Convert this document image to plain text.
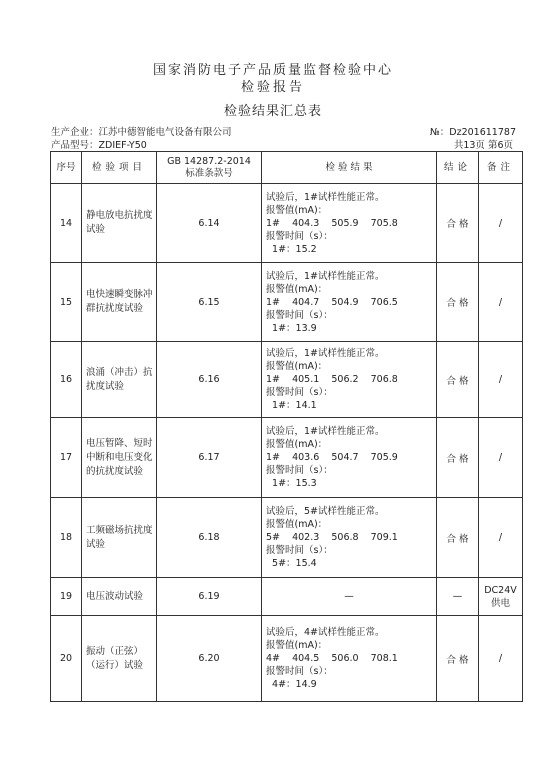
国家消防电子产品质量监督检验中心
检验报告
检验结果汇总表
生产企业：江苏中德智能电气设备有限公司
产品型号：ZDIEF-Y50
№：Dz201611787
共13页 第6页
序号	检验项目	GB 14287.2-2014
标准条款号	检 验 结 果	结论	备注
14	静电放电抗扰度试验	6.14	试验后，1#试样性能正常。
报警值(mA)：
1#    404.3    505.9    705.8
报警时间（s）：
1#：15.2	合 格	/

15	电快速瞬变脉冲群抗扰度试验	6.15	试验后，1#试样性能正常。
报警值(mA)：
1#    404.7    504.9    706.5
报警时间（s）：
1#：13.9	合 格	/

16	浪涌（冲击）抗扰度试验	6.16	试验后，1#试样性能正常。
报警值(mA)：
1#    405.1    506.2    706.8
报警时间（s）：
1#：14.1	合 格	/

17	电压暂降、短时中断和电压变化的抗扰度试验	6.17	试验后，1#试样性能正常。
报警值(mA)：
1#    403.6    504.7    705.9
报警时间（s）：
1#：15.3	合 格	/

18	工频磁场抗扰度试验	6.18	试验后，5#试样性能正常。
报警值(mA)：
5#    402.3    506.8    709.1
报警时间（s）：
5#：15.4	合 格	/

19	电压波动试验	6.19	—	—	DC24V
供电

20	振动（正弦）（运行）试验	6.20	试验后，4#试样性能正常。
报警值(mA)：
4#    404.5    506.0    708.1
报警时间（s）：
4#：14.9	合 格	/
